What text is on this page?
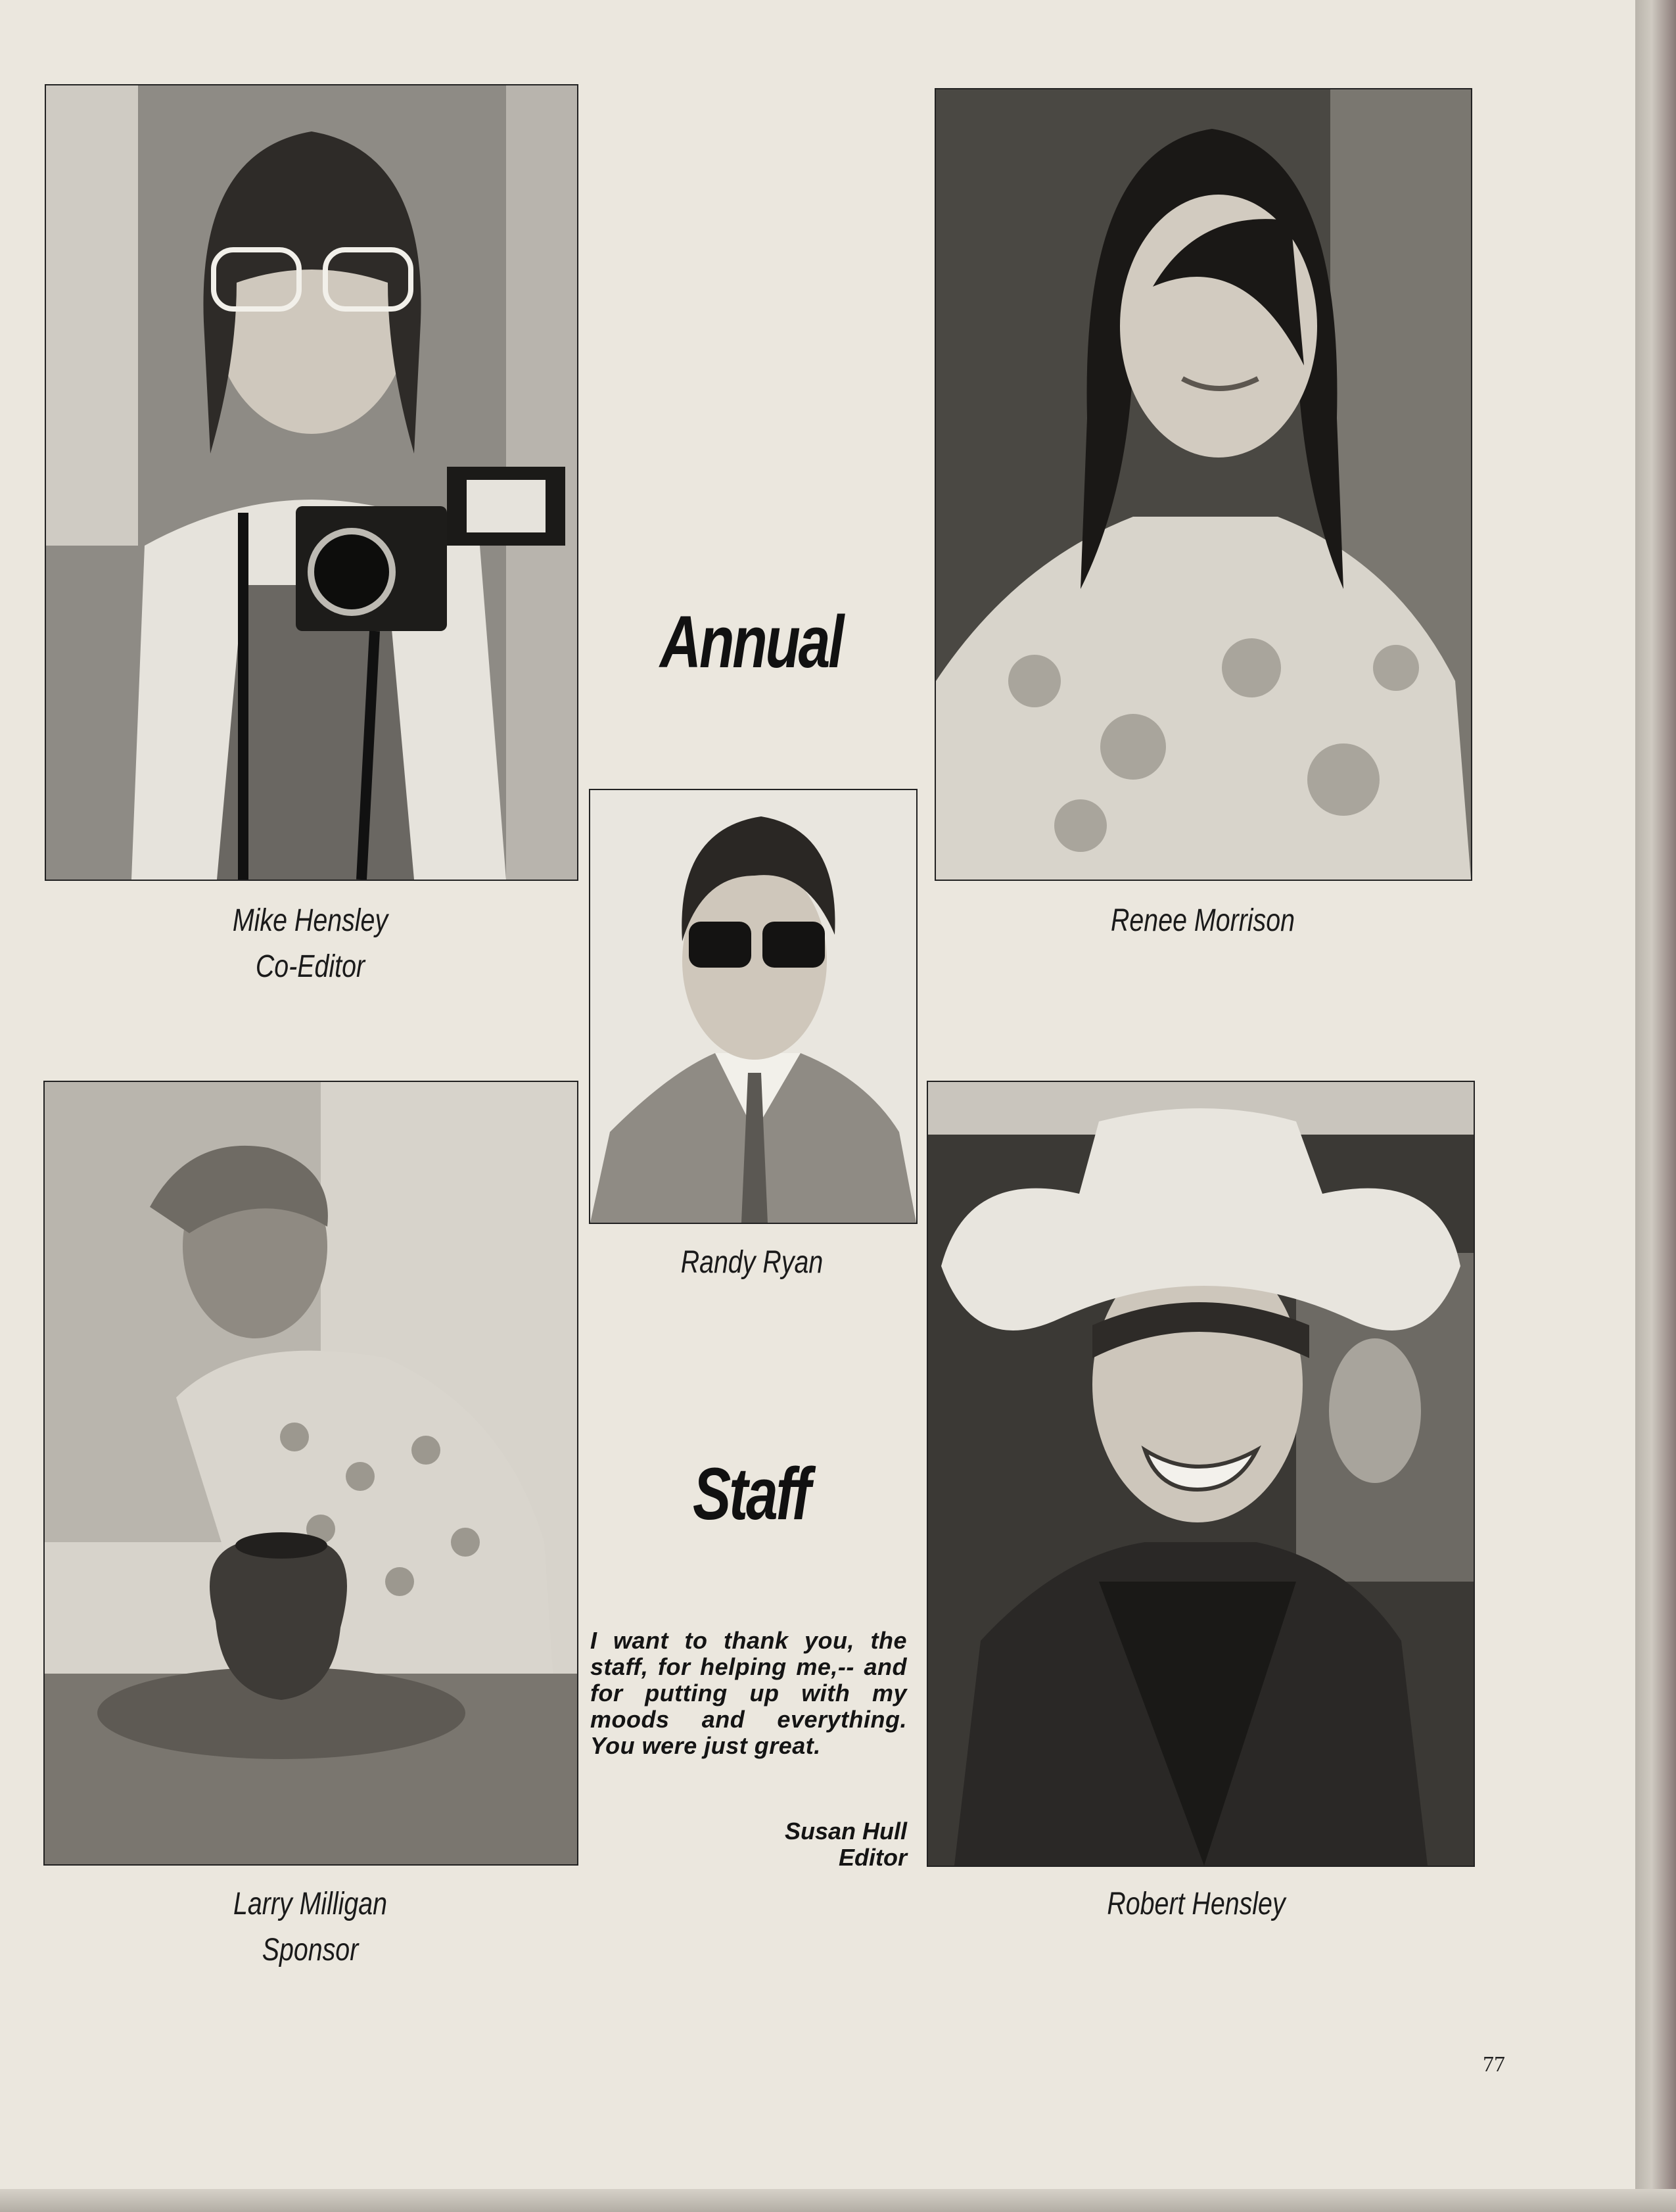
Mike Hensley
Co-Editor
Renee Morrison
Annual
Randy Ryan
Larry Milligan
Sponsor
Staff
I want to thank you, the staff, for helping me,-- and for putting up with my moods and everything. You were just great.
Susan Hull
Editor
Robert Hensley
77
